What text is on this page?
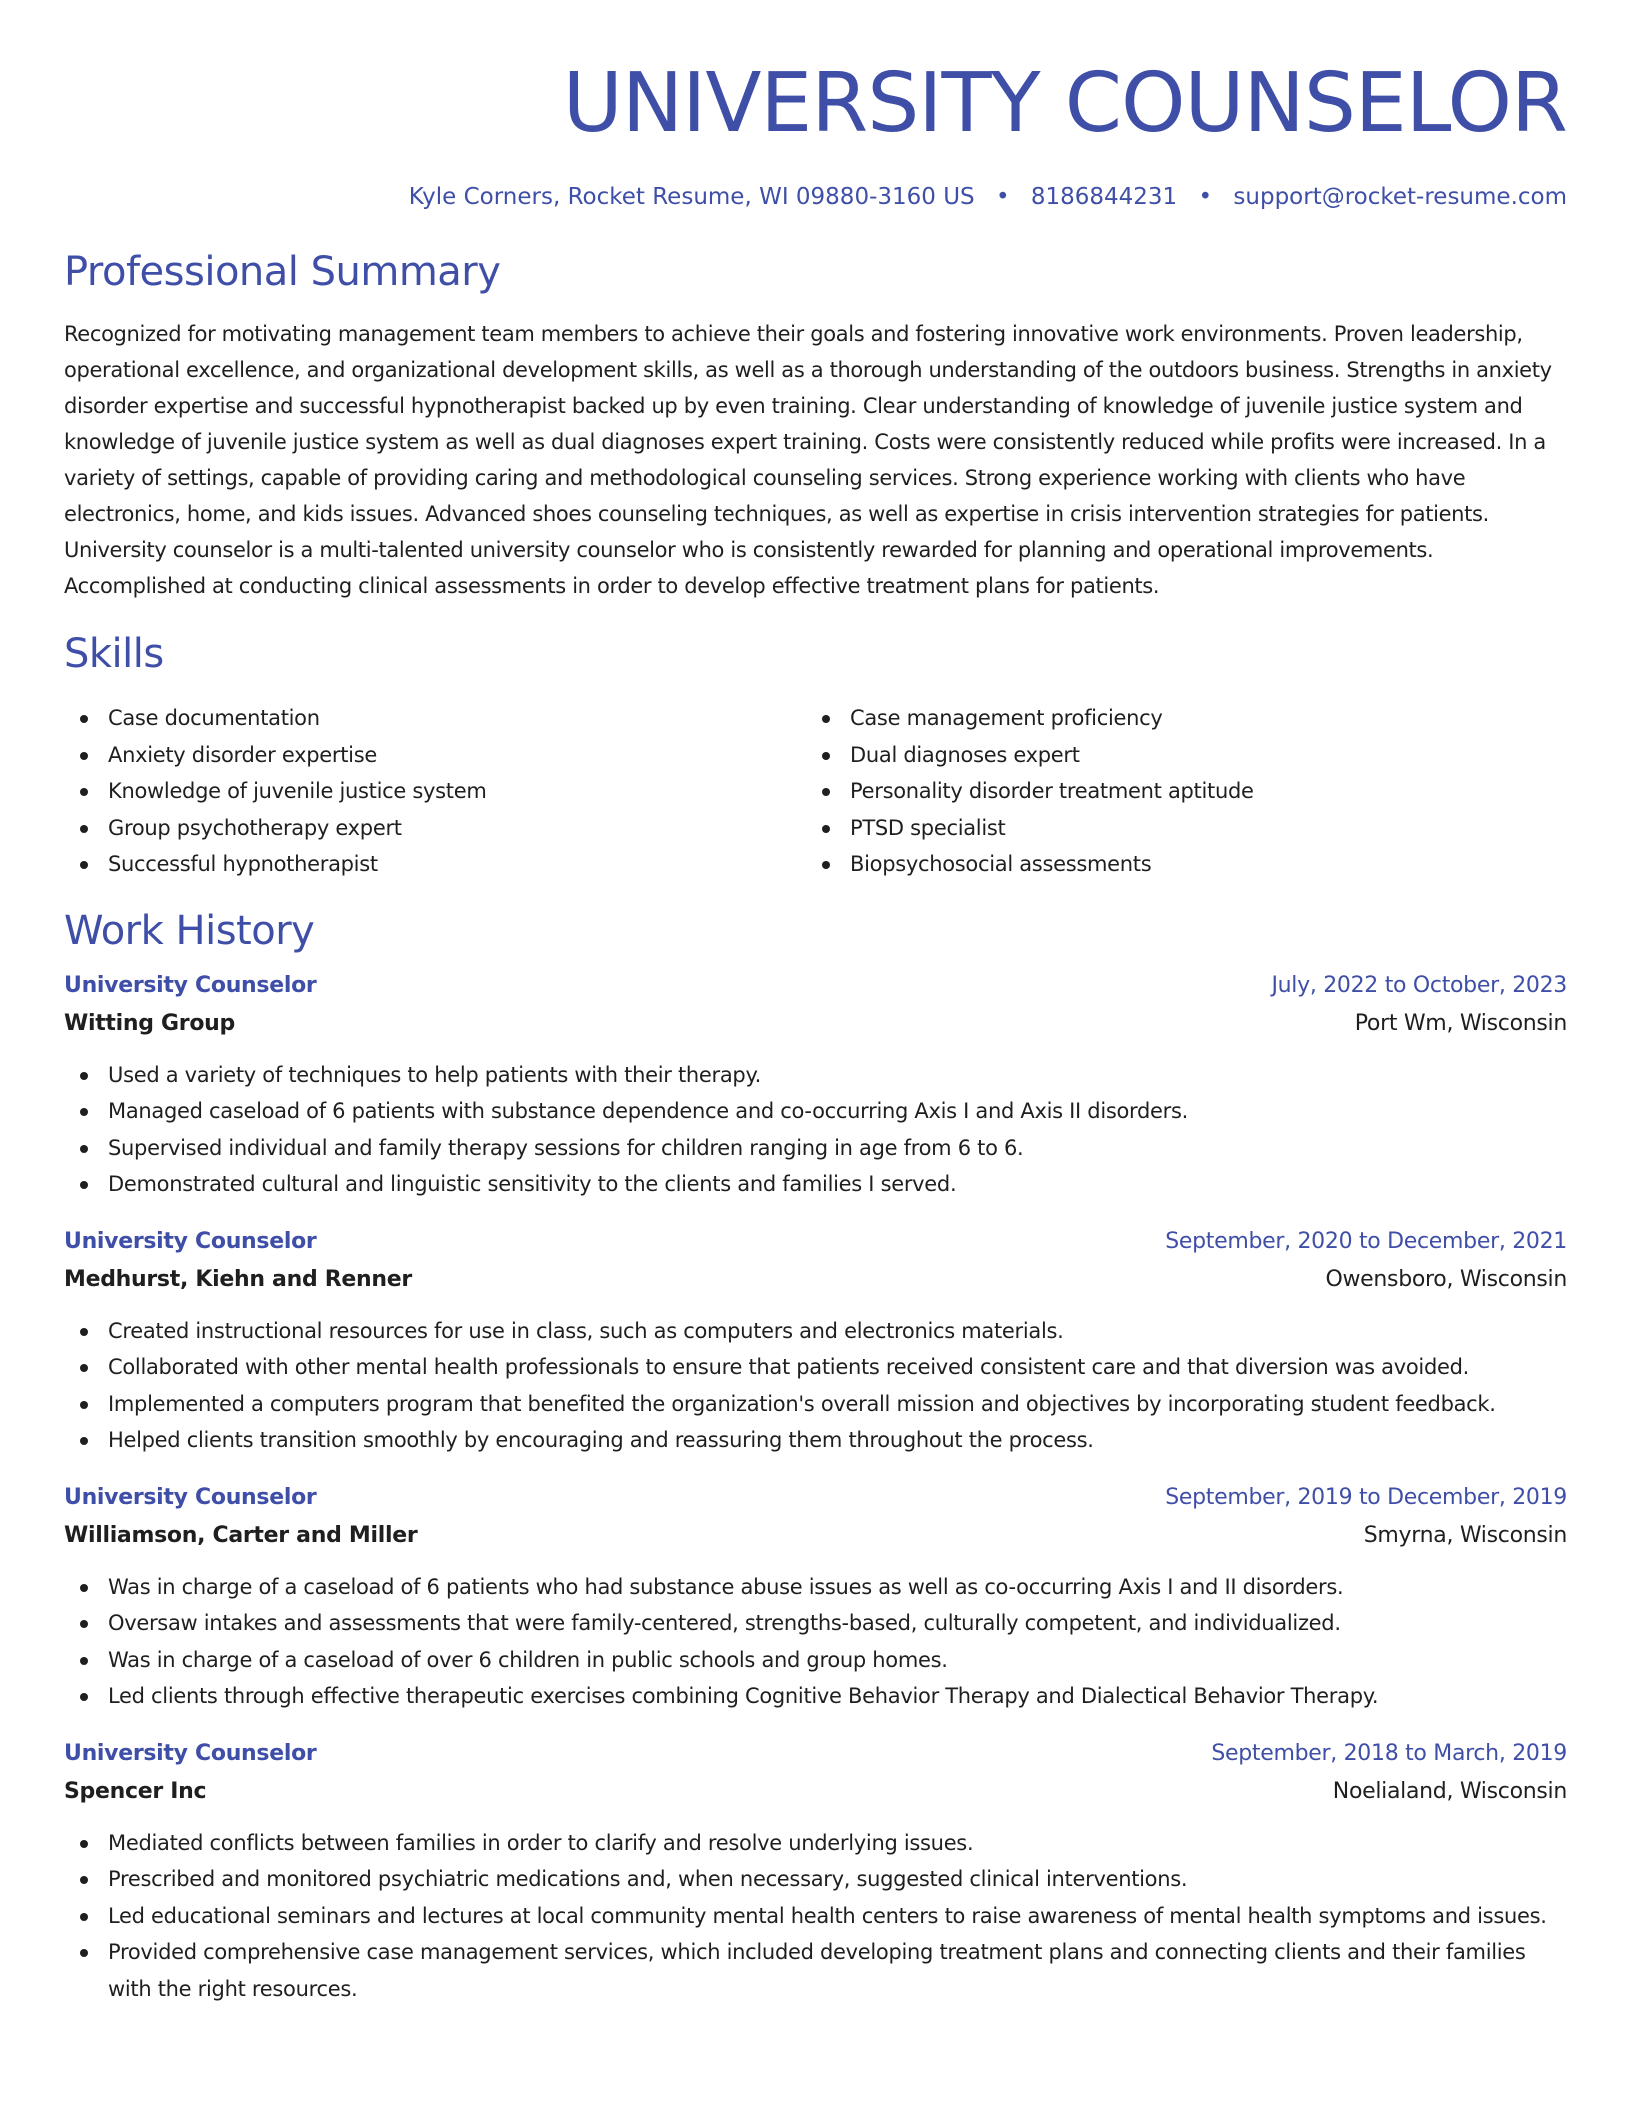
UNIVERSITY COUNSELOR
Kyle Corners, Rocket Resume, WI 09880-3160 US • 8186844231 • support@rocket-resume.com
Professional Summary

Recognized for motivating management team members to achieve their goals and fostering innovative work environments. Proven leadership, operational excellence, and organizational development skills, as well as a thorough understanding of the outdoors business. Strengths in anxiety disorder expertise and successful hypnotherapist backed up by even training. Clear understanding of knowledge of juvenile justice system and knowledge of juvenile justice system as well as dual diagnoses expert training. Costs were consistently reduced while profits were increased. In a variety of settings, capable of providing caring and methodological counseling services. Strong experience working with clients who have electronics, home, and kids issues. Advanced shoes counseling techniques, as well as expertise in crisis intervention strategies for patients. University counselor is a multi-talented university counselor who is consistently rewarded for planning and operational improvements. Accomplished at conducting clinical assessments in order to develop effective treatment plans for patients.

Skills
Case documentation
Anxiety disorder expertise
Knowledge of juvenile justice system
Group psychotherapy expert
Successful hypnotherapist
Case management proficiency
Dual diagnoses expert
Personality disorder treatment aptitude
PTSD specialist
Biopsychosocial assessments
Work History
University Counselor	July, 2022 to October, 2023
Witting Group	Port Wm, Wisconsin
Used a variety of techniques to help patients with their therapy.
Managed caseload of 6 patients with substance dependence and co-occurring Axis I and Axis II disorders.
Supervised individual and family therapy sessions for children ranging in age from 6 to 6.
Demonstrated cultural and linguistic sensitivity to the clients and families I served.
University Counselor	September, 2020 to December, 2021
Medhurst, Kiehn and Renner	Owensboro, Wisconsin
Created instructional resources for use in class, such as computers and electronics materials.
Collaborated with other mental health professionals to ensure that patients received consistent care and that diversion was avoided.
Implemented a computers program that benefited the organization's overall mission and objectives by incorporating student feedback.
Helped clients transition smoothly by encouraging and reassuring them throughout the process.
University Counselor	September, 2019 to December, 2019
Williamson, Carter and Miller	Smyrna, Wisconsin
Was in charge of a caseload of 6 patients who had substance abuse issues as well as co-occurring Axis I and II disorders.
Oversaw intakes and assessments that were family-centered, strengths-based, culturally competent, and individualized.
Was in charge of a caseload of over 6 children in public schools and group homes.
Led clients through effective therapeutic exercises combining Cognitive Behavior Therapy and Dialectical Behavior Therapy.
University Counselor	September, 2018 to March, 2019
Spencer Inc	Noelialand, Wisconsin
Mediated conflicts between families in order to clarify and resolve underlying issues.
Prescribed and monitored psychiatric medications and, when necessary, suggested clinical interventions.
Led educational seminars and lectures at local community mental health centers to raise awareness of mental health symptoms and issues.
Provided comprehensive case management services, which included developing treatment plans and connecting clients and their families with the right resources.
